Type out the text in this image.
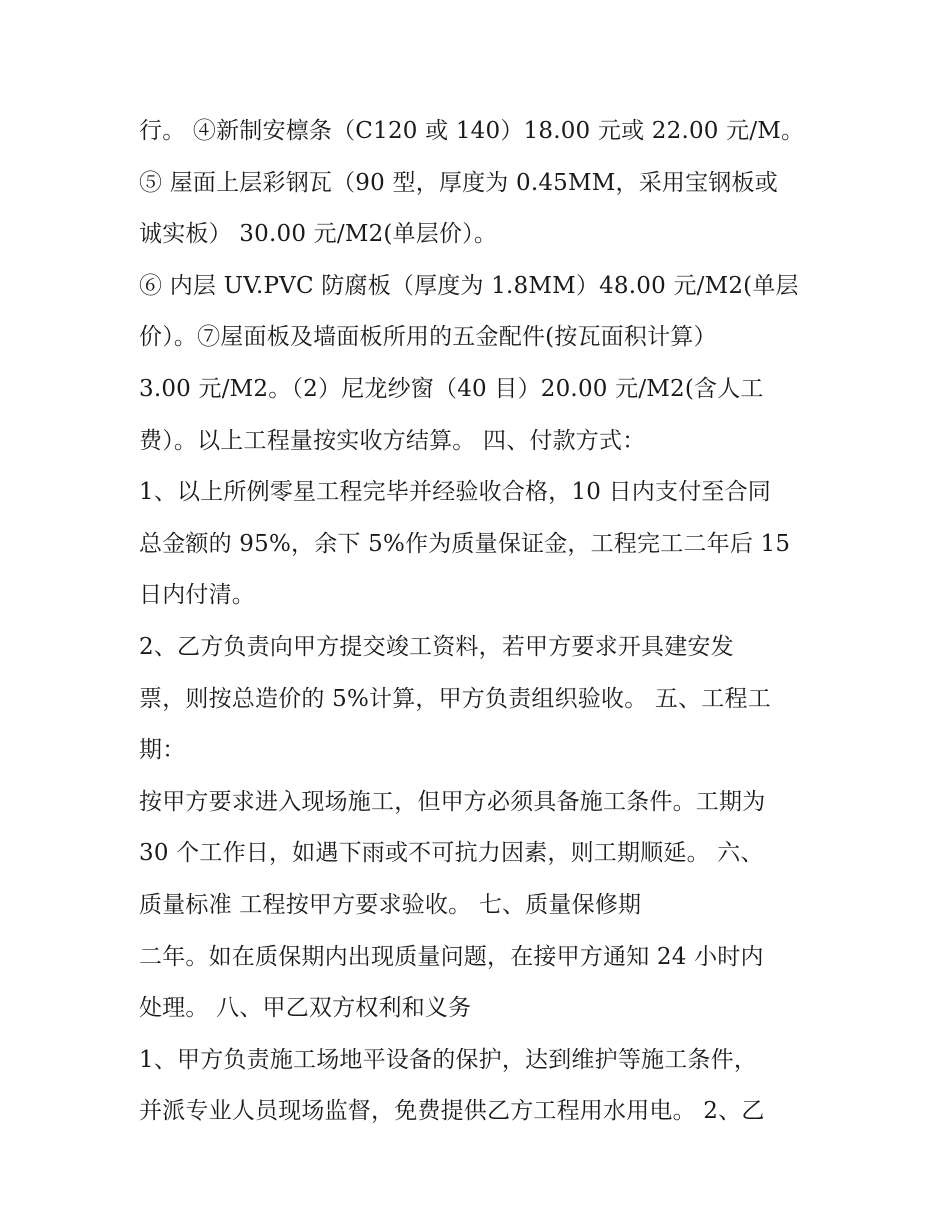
行。 ④新制安檩条（C120 或 140）18.00 元或 22.00 元/M。
⑤ 屋面上层彩钢瓦（90 型，厚度为 0.45MM，采用宝钢板或
诚实板） 30.00 元/M2(单层价）。
⑥ 内层 UV.PVC 防腐板（厚度为 1.8MM）48.00 元/M2(单层
价）。⑦屋面板及墙面板所用的五金配件(按瓦面积计算）
3.00 元/M2。（2）尼龙纱窗（40 目）20.00 元/M2(含人工
费）。以上工程量按实收方结算。 四、付款方式：
1、以上所例零星工程完毕并经验收合格，10 日内支付至合同
总金额的 95%，余下 5%作为质量保证金，工程完工二年后 15
日内付清。
2、乙方负责向甲方提交竣工资料，若甲方要求开具建安发
票，则按总造价的 5%计算，甲方负责组织验收。 五、工程工
期：
按甲方要求进入现场施工，但甲方必须具备施工条件。工期为
30 个工作日，如遇下雨或不可抗力因素，则工期顺延。 六、
质量标准 工程按甲方要求验收。 七、质量保修期
二年。如在质保期内出现质量问题，在接甲方通知 24 小时内
处理。 八、甲乙双方权利和义务
1、甲方负责施工场地平设备的保护，达到维护等施工条件，
并派专业人员现场监督，免费提供乙方工程用水用电。 2、乙
